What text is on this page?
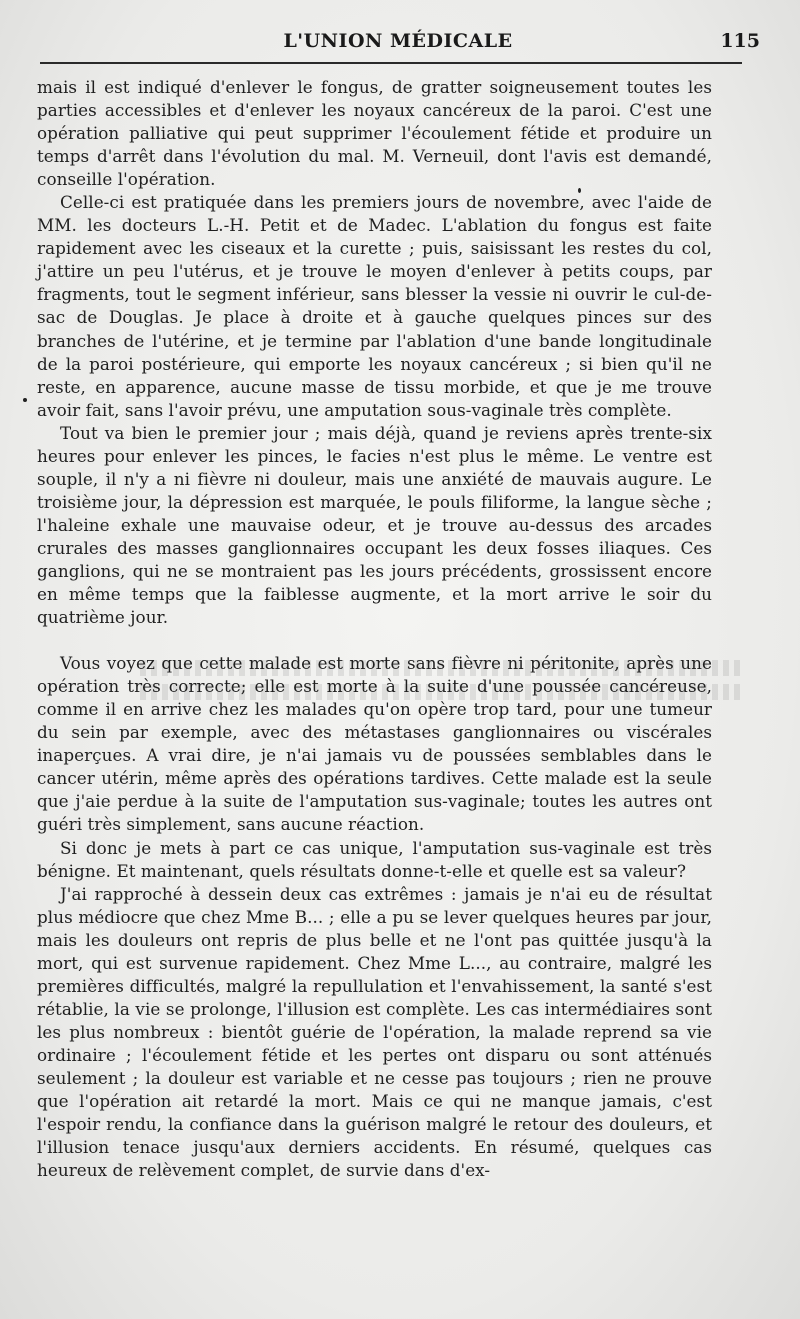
L'UNION MÉDICALE	115

mais il est indiqué d'enlever le fongus, de gratter soigneusement toutes les parties accessibles et d'enlever les noyaux cancéreux de la paroi. C'est une opération palliative qui peut supprimer l'écoulement fétide et produire un temps d'arrêt dans l'évolution du mal. M. Verneuil, dont l'avis est demandé, conseille l'opération.

Celle-ci est pratiquée dans les premiers jours de novembre, avec l'aide de MM. les docteurs L.-H. Petit et de Madec. L'ablation du fongus est faite rapidement avec les ciseaux et la curette ; puis, saisissant les restes du col, j'attire un peu l'utérus, et je trouve le moyen d'enlever à petits coups, par fragments, tout le segment inférieur, sans blesser la vessie ni ouvrir le cul-de-sac de Douglas. Je place à droite et à gauche quelques pinces sur des branches de l'utérine, et je termine par l'ablation d'une bande longitudinale de la paroi postérieure, qui emporte les noyaux cancéreux ; si bien qu'il ne reste, en apparence, aucune masse de tissu morbide, et que je me trouve avoir fait, sans l'avoir prévu, une amputation sous-vaginale très complète.

Tout va bien le premier jour ; mais déjà, quand je reviens après trente-six heures pour enlever les pinces, le facies n'est plus le même. Le ventre est souple, il n'y a ni fièvre ni douleur, mais une anxiété de mauvais augure. Le troisième jour, la dépression est marquée, le pouls filiforme, la langue sèche ; l'haleine exhale une mauvaise odeur, et je trouve au-dessus des arcades crurales des masses ganglionnaires occupant les deux fosses iliaques. Ces ganglions, qui ne se montraient pas les jours précédents, grossissent encore en même temps que la faiblesse augmente, et la mort arrive le soir du quatrième jour.

Vous voyez que cette malade est morte sans fièvre ni péritonite, après une opération très correcte; elle est morte à la suite d'une poussée cancéreuse, comme il en arrive chez les malades qu'on opère trop tard, pour une tumeur du sein par exemple, avec des métastases ganglionnaires ou viscérales inaperçues. A vrai dire, je n'ai jamais vu de poussées semblables dans le cancer utérin, même après des opérations tardives. Cette malade est la seule que j'aie perdue à la suite de l'amputation sus-vaginale; toutes les autres ont guéri très simplement, sans aucune réaction.

Si donc je mets à part ce cas unique, l'amputation sus-vaginale est très bénigne. Et maintenant, quels résultats donne-t-elle et quelle est sa valeur?

J'ai rapproché à dessein deux cas extrêmes : jamais je n'ai eu de résultat plus médiocre que chez Mme B... ; elle a pu se lever quelques heures par jour, mais les douleurs ont repris de plus belle et ne l'ont pas quittée jusqu'à la mort, qui est survenue rapidement. Chez Mme L..., au contraire, malgré les premières difficultés, malgré la repullulation et l'envahissement, la santé s'est rétablie, la vie se prolonge, l'illusion est complète. Les cas intermédiaires sont les plus nombreux : bientôt guérie de l'opération, la malade reprend sa vie ordinaire ; l'écoulement fétide et les pertes ont disparu ou sont atténués seulement ; la douleur est variable et ne cesse pas toujours ; rien ne prouve que l'opération ait retardé la mort. Mais ce qui ne manque jamais, c'est l'espoir rendu, la confiance dans la guérison malgré le retour des douleurs, et l'illusion tenace jusqu'aux derniers accidents. En résumé, quelques cas heureux de relèvement complet, de survie dans d'ex-
